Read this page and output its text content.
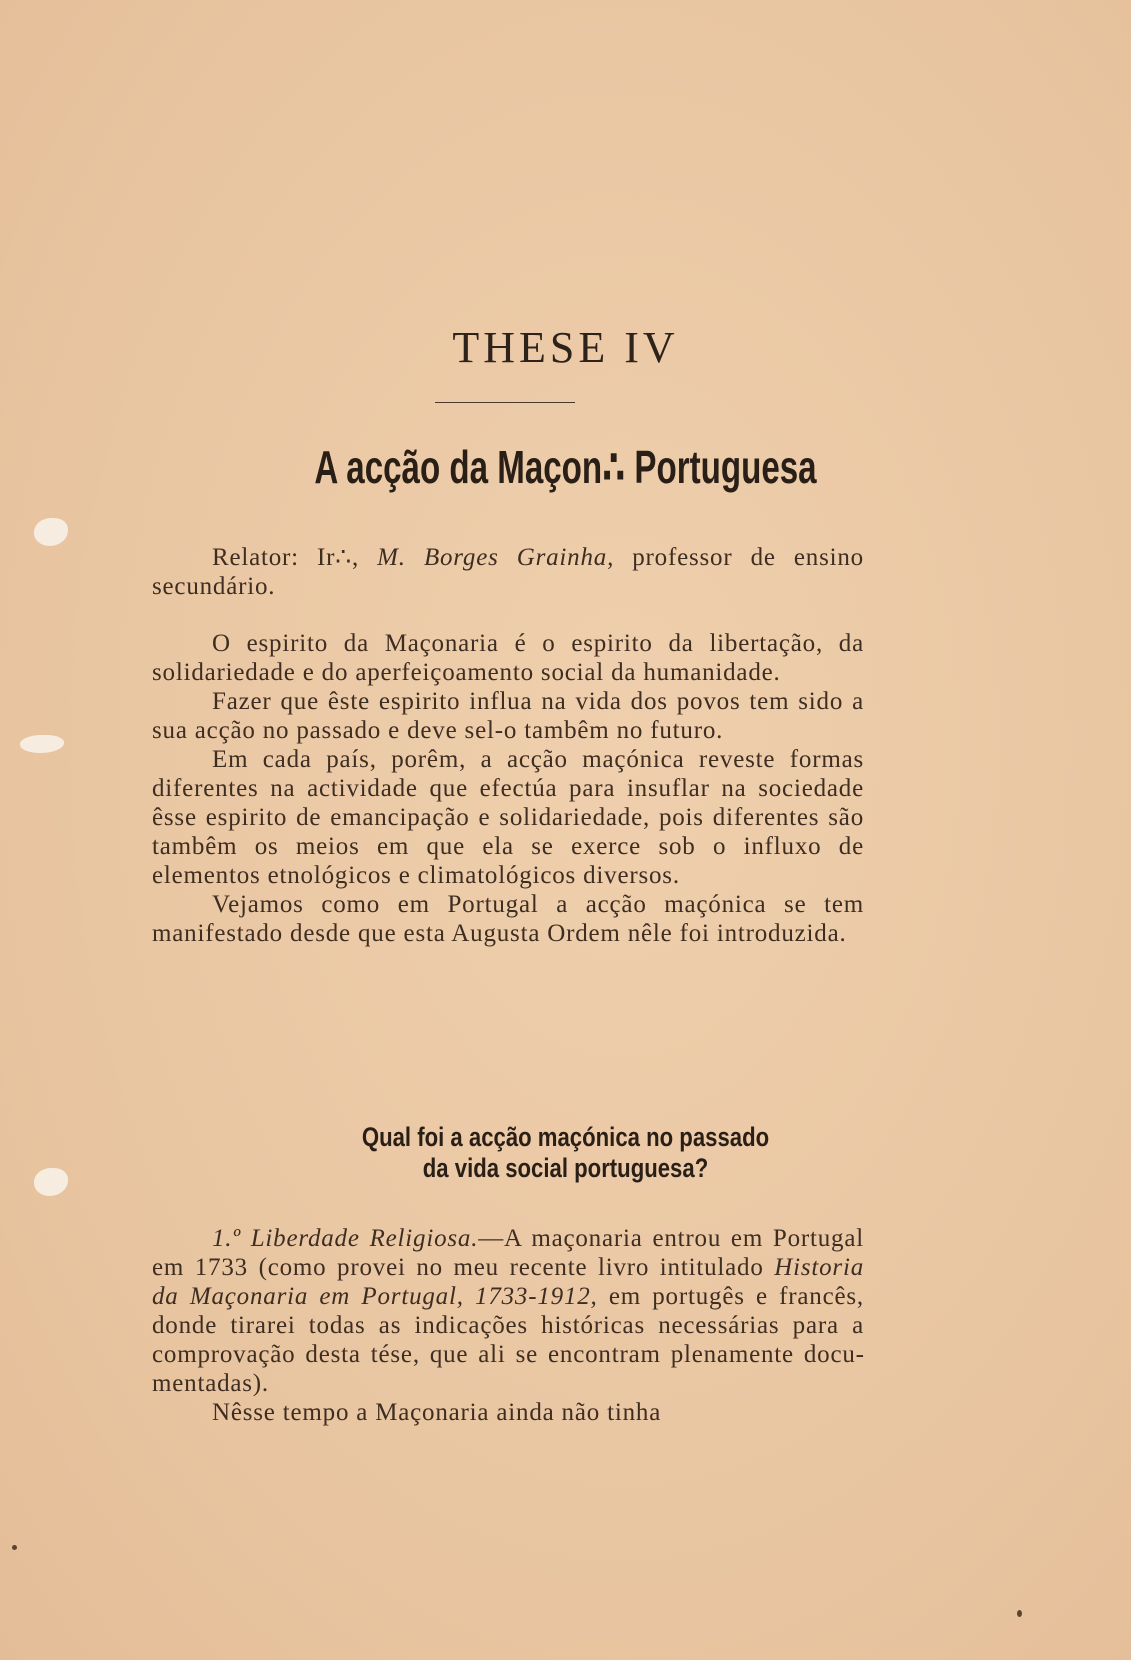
THESE IV
A acção da Maçon∴ Portuguesa

Relator: Ir∴, M. Borges Grainha, professor de ensino secundário.

O espirito da Maçonaria é o espirito da libertação, da solidariedade e do aperfeiçoamento social da humanidade.

Fazer que êste espirito influa na vida dos povos tem sido a sua acção no passado e deve sel-o tambêm no futuro.

Em cada país, porêm, a acção maçónica reveste formas diferentes na actividade que efectúa para insuflar na sociedade êsse espirito de emancipação e solidariedade, pois diferentes são tambêm os meios em que ela se exerce sob o influxo de elementos etnológicos e climatológicos diversos.

Vejamos como em Portugal a acção maçónica se tem manifestado desde que esta Augusta Ordem nêle foi introduzida.

Qual foi a acção maçónica no passado
da vida social portuguesa?

1.º Liberdade Religiosa.—A maçonaria entrou em Portugal em 1733 (como provei no meu recente livro intitulado Historia da Maçonaria em Portugal, 1733-1912, em portugês e francês, donde tirarei todas as indicações históricas necessárias para a comprovação desta tése, que ali se encontram plenamente documentadas).

Nêsse tempo a Maçonaria ainda não tinha
